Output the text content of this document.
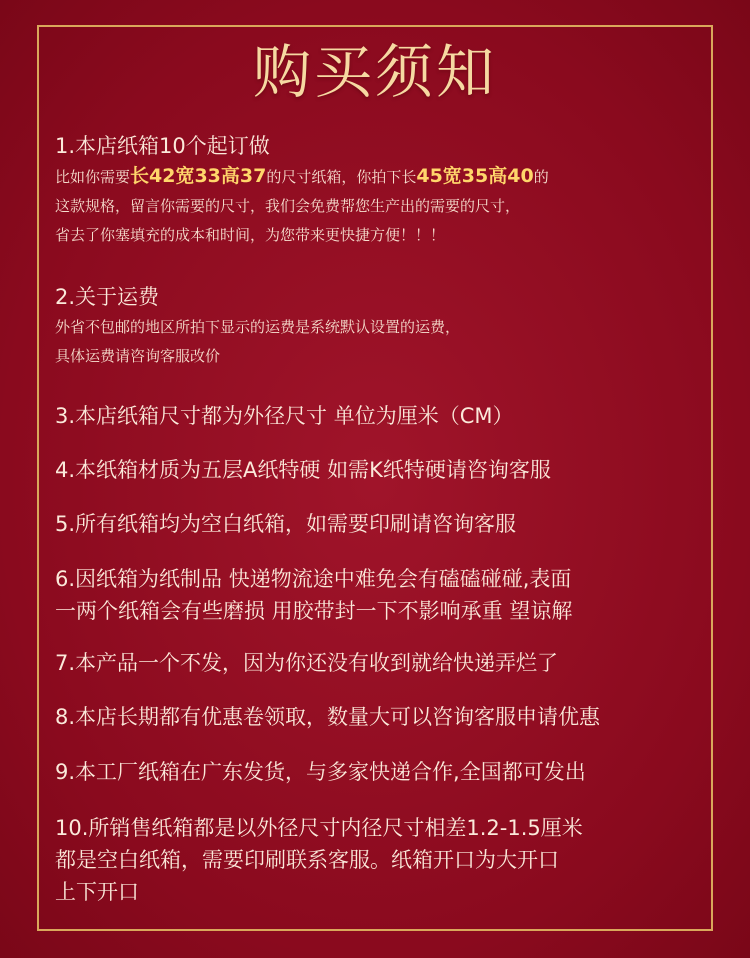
购买须知
1.本店纸箱10个起订做
比如你需要长42宽33高37的尺寸纸箱，你拍下长45宽35高40的
这款规格，留言你需要的尺寸，我们会免费帮您生产出的需要的尺寸，
省去了你塞填充的成本和时间，为您带来更快捷方便！！！
2.关于运费
外省不包邮的地区所拍下显示的运费是系统默认设置的运费，
具体运费请咨询客服改价
3.本店纸箱尺寸都为外径尺寸 单位为厘米（CM）
4.本纸箱材质为五层A纸特硬 如需K纸特硬请咨询客服
5.所有纸箱均为空白纸箱，如需要印刷请咨询客服
6.因纸箱为纸制品 快递物流途中难免会有磕磕碰碰,表面
一两个纸箱会有些磨损 用胶带封一下不影响承重 望谅解
7.本产品一个不发，因为你还没有收到就给快递弄烂了
8.本店长期都有优惠卷领取，数量大可以咨询客服申请优惠
9.本工厂纸箱在广东发货，与多家快递合作,全国都可发出
10.所销售纸箱都是以外径尺寸内径尺寸相差1.2-1.5厘米
都是空白纸箱，需要印刷联系客服。纸箱开口为大开口
上下开口
